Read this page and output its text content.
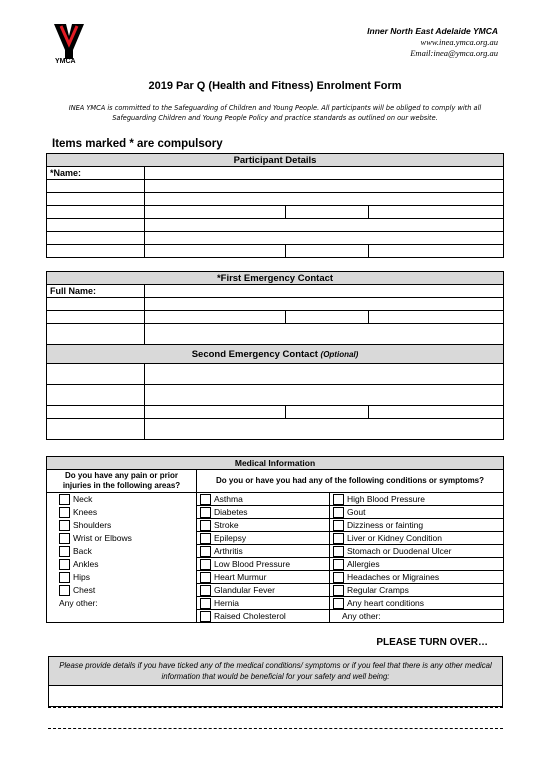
YMCA
Inner North East Adelaide YMCA
www.inea.ymca.org.au
Email:inea@ymca.org.au
2019 Par Q (Health and Fitness) Enrolment Form
INEA YMCA is committed to the Safeguarding of Children and Young People. All participants will be obliged to comply with all Safeguarding Children and Young People Policy and practice standards as outlined on our website.
Items marked * are compulsory
Participant Details			
*Name:			

*First Emergency Contact			
Full Name:			

Second Emergency Contact (Optional)			

Medical Information		
Do you have any pain or prior injuries in the following areas?	Do you or have you had any of the following conditions or symptoms?	

Neck	Asthma	High Blood Pressure

Knees	Diabetes	Gout

Shoulders	Stroke	Dizziness or fainting

Wrist or Elbows	Epilepsy	Liver or Kidney Condition

Back	Arthritis	Stomach or Duodenal Ulcer

Ankles	Low Blood Pressure	Allergies

Hips	Heart Murmur	Headaches or Migraines

Chest	Glandular Fever	Regular Cramps

Any other:	Hernia	Any heart conditions

	Raised Cholesterol	Any other:
PLEASE TURN OVER…
Please provide details if you have ticked any of the medical conditions/ symptoms or if you feel that there is any other medical information that would be beneficial for your safety and well being:
